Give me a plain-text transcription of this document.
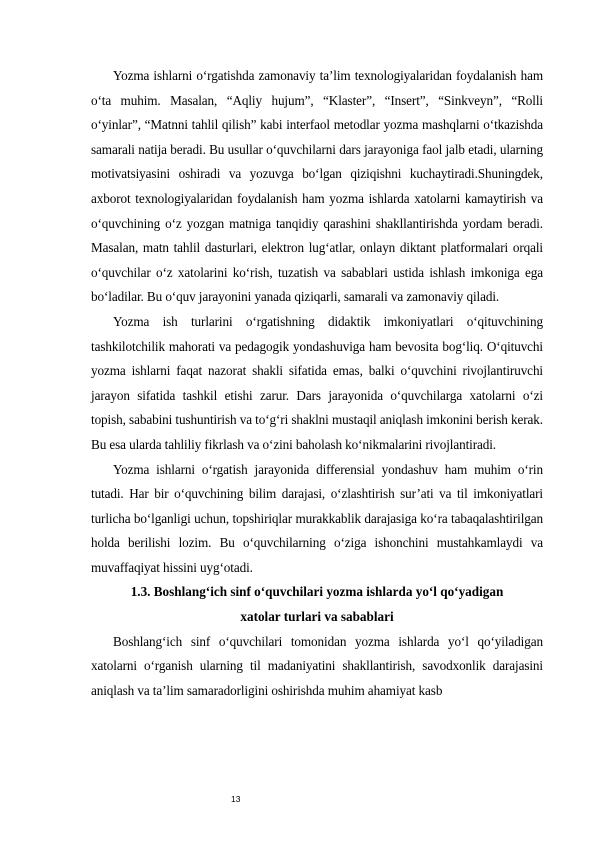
Yozma ishlarni o‘rgatishda zamonaviy ta’lim texnologiyalaridan foydalanish ham o‘ta muhim. Masalan, “Aqliy hujum”, “Klaster”, “Insert”, “Sinkveyn”, “Rolli o‘yinlar”, “Matnni tahlil qilish” kabi interfaol metodlar yozma mashqlarni o‘tkazishda samarali natija beradi. Bu usullar o‘quvchilarni dars jarayoniga faol jalb etadi, ularning motivatsiyasini oshiradi va yozuvga bo‘lgan qiziqishni kuchaytiradi.Shuningdek, axborot texnologiyalaridan foydalanish ham yozma ishlarda xatolarni kamaytirish va o‘quvchining o‘z yozgan matniga tanqidiy qarashini shakllantirishda yordam beradi. Masalan, matn tahlil dasturlari, elektron lug‘atlar, onlayn diktant platformalari orqali o‘quvchilar o‘z xatolarini ko‘rish, tuzatish va sabablari ustida ishlash imkoniga ega bo‘ladilar. Bu o‘quv jarayonini yanada qiziqarli, samarali va zamonaviy qiladi.

Yozma ish turlarini o‘rgatishning didaktik imkoniyatlari o‘qituvchining tashkilotchilik mahorati va pedagogik yondashuviga ham bevosita bog‘liq. O‘qituvchi yozma ishlarni faqat nazorat shakli sifatida emas, balki o‘quvchini rivojlantiruvchi jarayon sifatida tashkil etishi zarur. Dars jarayonida o‘quvchilarga xatolarni o‘zi topish, sababini tushuntirish va to‘g‘ri shaklni mustaqil aniqlash imkonini berish kerak. Bu esa ularda tahliliy fikrlash va o‘zini baholash ko‘nikmalarini rivojlantiradi.

Yozma ishlarni o‘rgatish jarayonida differensial yondashuv ham muhim o‘rin tutadi. Har bir o‘quvchining bilim darajasi, o‘zlashtirish sur’ati va til imkoniyatlari turlicha bo‘lganligi uchun, topshiriqlar murakkablik darajasiga ko‘ra tabaqalashtirilgan holda berilishi lozim. Bu o‘quvchilarning o‘ziga ishonchini mustahkamlaydi va muvaffaqiyat hissini uyg‘otadi.

1.3. Boshlang‘ich sinf o‘quvchilari yozma ishlarda yo‘l qo‘yadigan
xatolar turlari va sabablari

Boshlang‘ich sinf o‘quvchilari tomonidan yozma ishlarda yo‘l qo‘yiladigan xatolarni o‘rganish ularning til madaniyatini shakllantirish, savodxonlik darajasini aniqlash va ta’lim samaradorligini oshirishda muhim ahamiyat kasb

13
